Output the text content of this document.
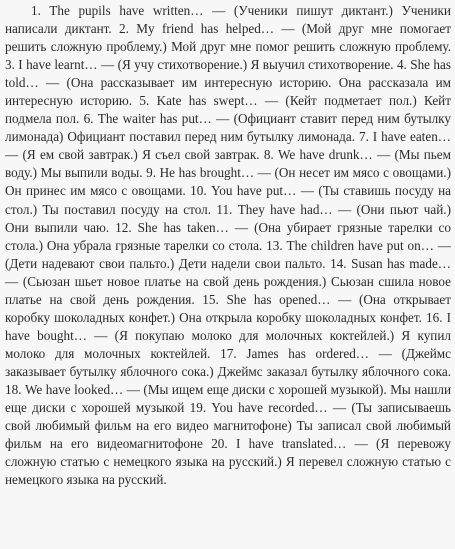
1. The pupils have written… — (Ученики пишут диктант.) Ученики написали диктант. 2. My friend has helped… — (Мой друг мне помогает решить сложную проблему.) Мой друг мне помог решить сложную проблему. 3. I have learnt… — (Я учу стихотворение.) Я выучил стихотворение. 4. She has told… — (Она рассказывает им интересную историю. Она рассказала им интересную историю. 5. Kate has swept… — (Кейт подметает пол.) Кейт подмела пол. 6. The waiter has put… — (Официант ставит перед ним бутылку лимонада) Официант поставил перед ним бутылку лимонада. 7. I have eaten… — (Я ем свой завтрак.) Я съел свой завтрак. 8. We have drunk… — (Мы пьем воду.) Мы выпили воды. 9. He has brought… — (Он несет им мясо с овощами.) Он принес им мясо с овощами. 10. You have put… — (Ты ставишь посуду на стол.) Ты поставил посуду на стол. 11. They have had… — (Они пьют чай.) Они выпили чаю. 12. She has taken… — (Она убирает грязные тарелки со стола.) Она убрала грязные тарелки со стола. 13. The children have put on… — (Дети надевают свои пальто.) Дети надели свои пальто. 14. Susan has made… — (Сьюзан шьет новое платье на свой день рождения.) Сьюзан сшила новое платье на свой день рождения. 15. She has opened… — (Она открывает коробку шоколадных конфет.) Она открыла коробку шоколадных конфет. 16. I have bought… — (Я покупаю молоко для молочных коктейлей.) Я купил молоко для молочных коктейлей. 17. James has ordered… — (Джеймс заказывает бутылку яблочного сока.) Джеймс заказал бутылку яблочного сока. 18. We have looked… — (Мы ищем еще диски с хорошей музыкой). Мы нашли еще диски с хорошей музыкой 19. You have recorded… — (Ты записываешь свой любимый фильм на его видео магнитофоне) Ты записал свой любимый фильм на его видеомагнитофоне 20. I have translated… — (Я перевожу сложную статью с немецкого языка на русский.) Я перевел сложную статью с немецкого языка на русский.
